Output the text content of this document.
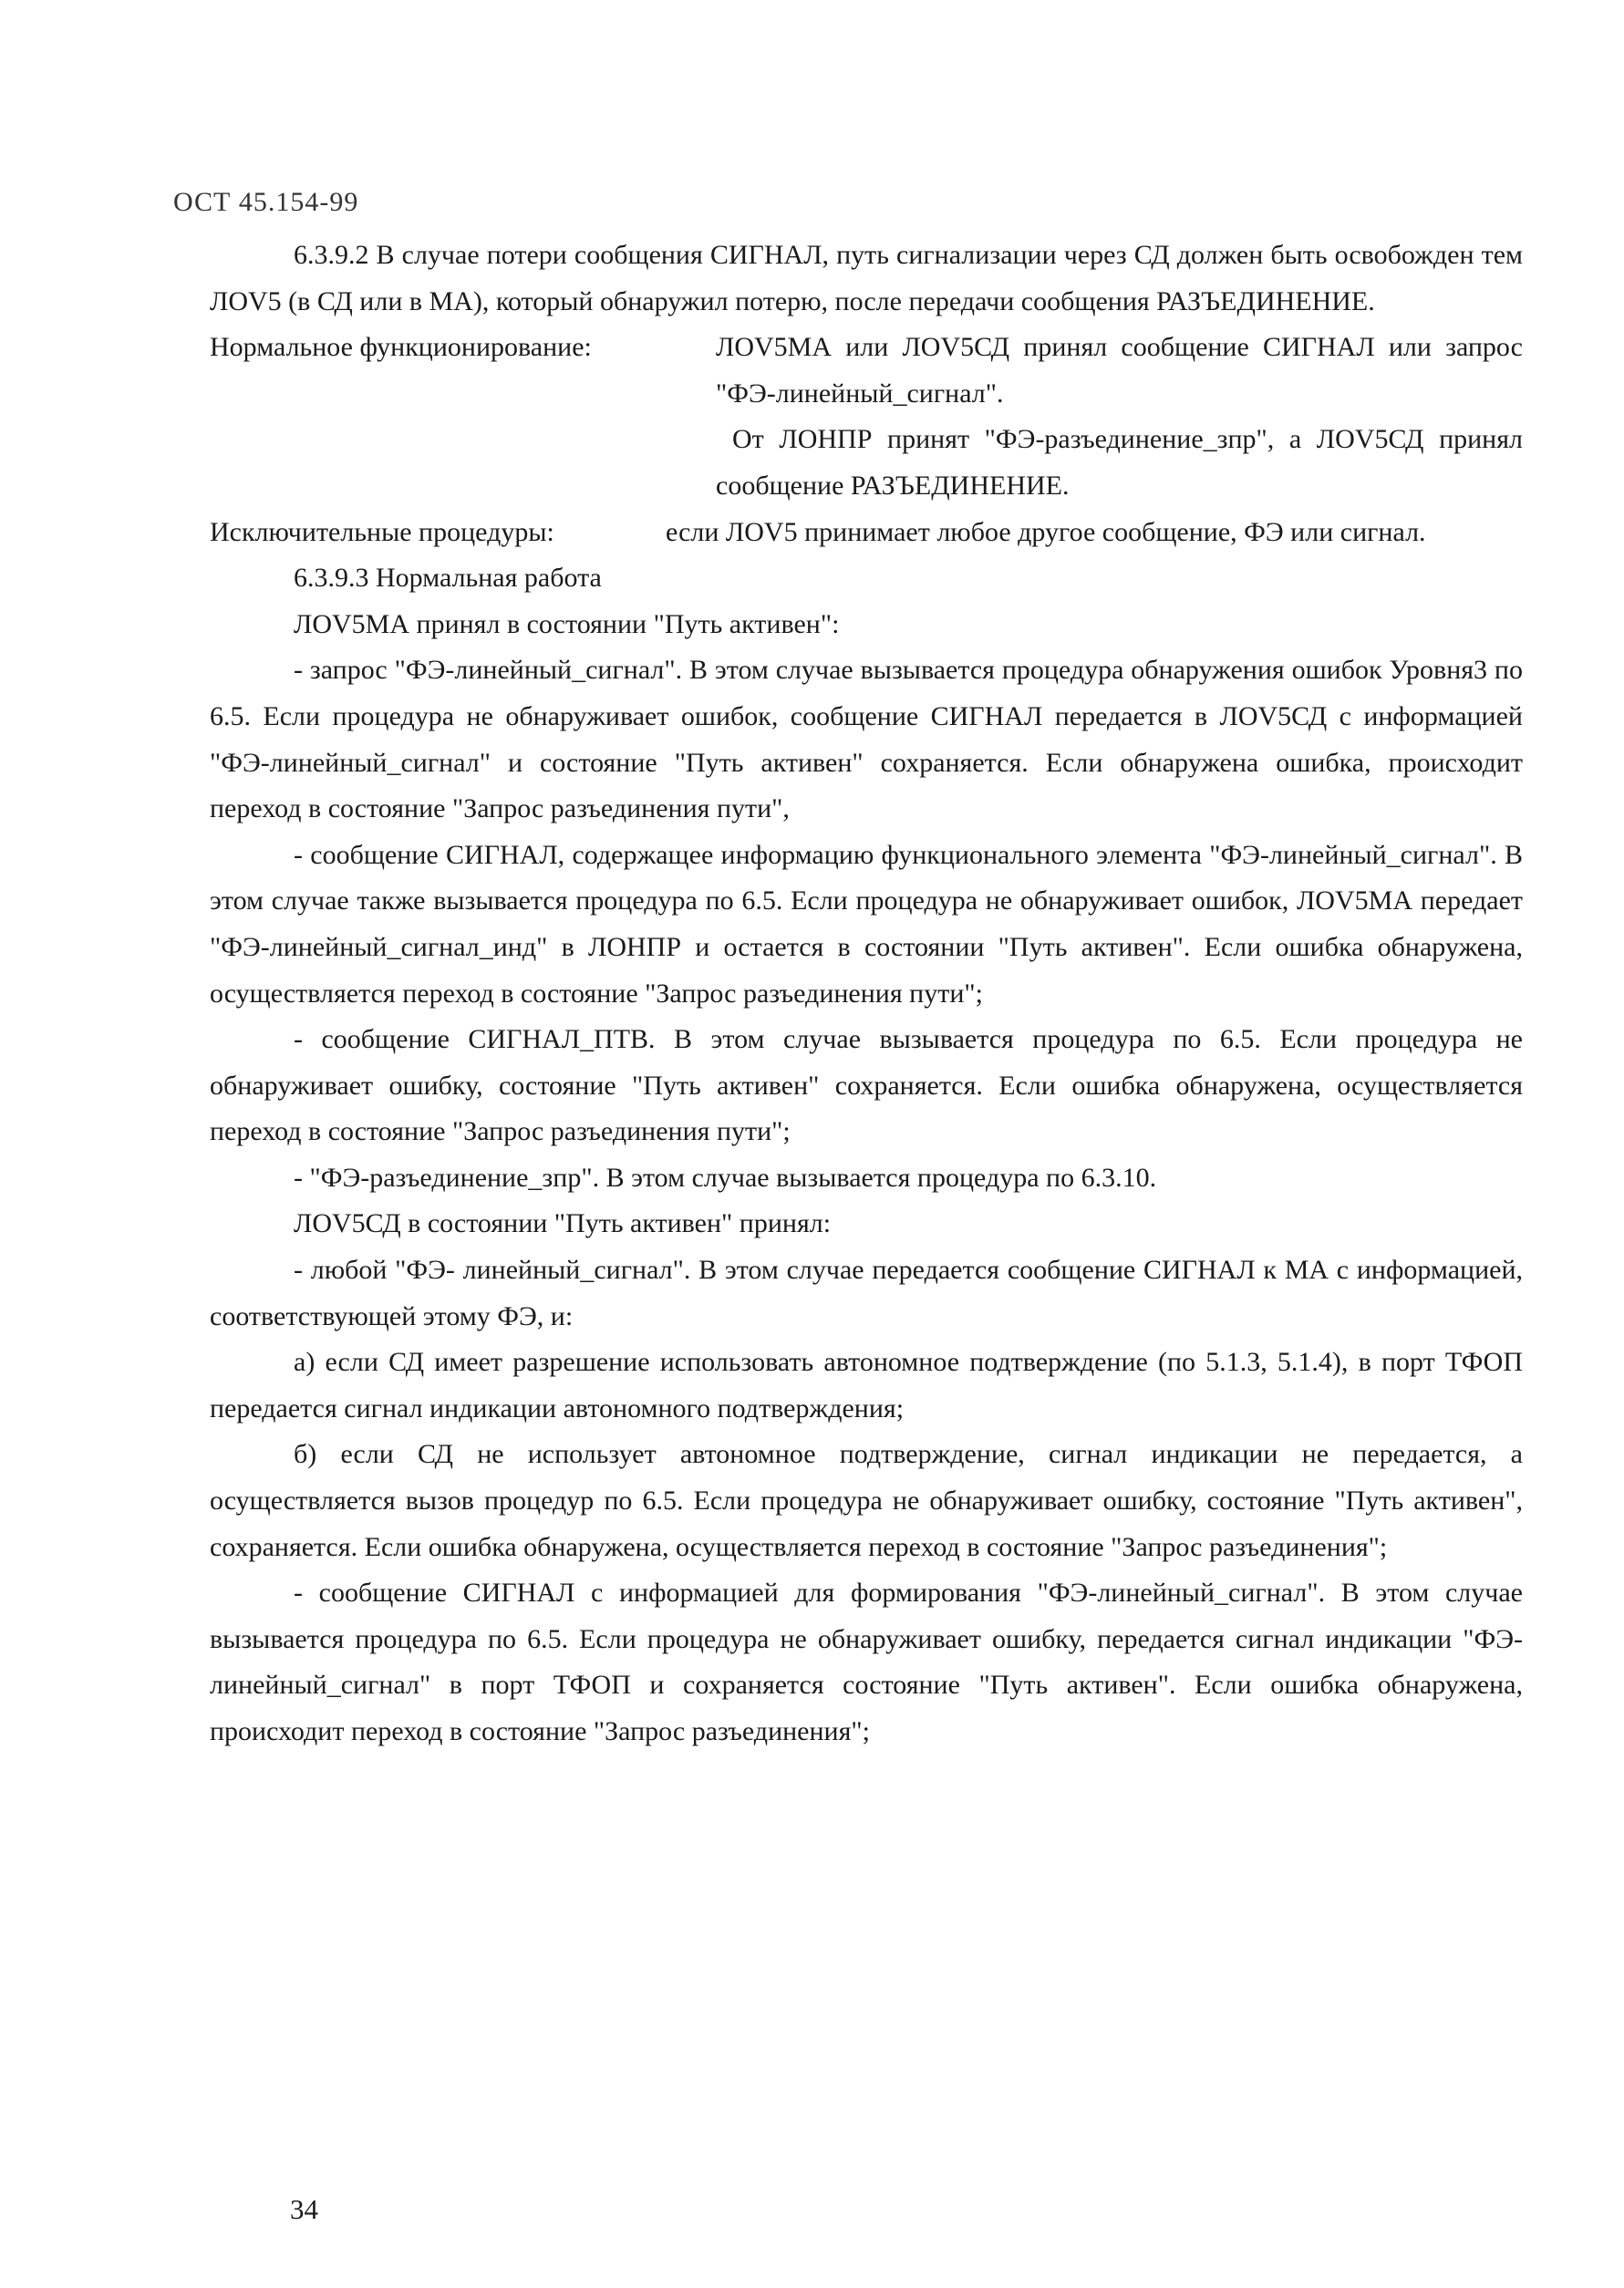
ОСТ 45.154-99

6.3.9.2 В случае потери сообщения СИГНАЛ, путь сигнализации через СД должен быть освобожден тем ЛОV5 (в СД или в МА), который обнаружил потерю, после передачи сообщения РАЗЪЕДИНЕНИЕ.

Нормальное функционирование:	ЛОV5МА или ЛОV5СД принял сообщение СИГНАЛ или запрос "ФЭ-линейный_сигнал".

От ЛОНПР принят "ФЭ-разъединение_зпр", а ЛОV5СД принял сообщение РАЗЪЕДИНЕНИЕ.

Исключительные процедуры:	если ЛОV5 принимает любое другое сообщение, ФЭ или сигнал.

6.3.9.3 Нормальная работа

ЛОV5МА принял в состоянии "Путь активен":

- запрос "ФЭ-линейный_сигнал". В этом случае вызывается процедура обнаружения ошибок Уровня3 по 6.5. Если процедура не обнаруживает ошибок, сообщение СИГНАЛ передается в ЛОV5СД с информацией "ФЭ-линейный_сигнал" и состояние "Путь активен" сохраняется. Если обнаружена ошибка, происходит переход в состояние "Запрос разъединения пути",

- сообщение СИГНАЛ, содержащее информацию функционального элемента "ФЭ-линейный_сигнал". В этом случае также вызывается процедура по 6.5. Если процедура не обнаруживает ошибок, ЛОV5МА передает "ФЭ-линейный_сигнал_инд" в ЛОНПР и остается в состоянии "Путь активен". Если ошибка обнаружена, осуществляется переход в состояние "Запрос разъединения пути";

- сообщение СИГНАЛ_ПТВ. В этом случае вызывается процедура по 6.5. Если процедура не обнаруживает ошибку, состояние "Путь активен" сохраняется. Если ошибка обнаружена, осуществляется переход в состояние "Запрос разъединения пути";

- "ФЭ-разъединение_зпр". В этом случае вызывается процедура по 6.3.10.

ЛОV5СД в состоянии "Путь активен" принял:

- любой "ФЭ- линейный_сигнал". В этом случае передается сообщение СИГНАЛ к МА с информацией, соответствующей этому ФЭ, и:

а) если СД имеет разрешение использовать автономное подтверждение (по 5.1.3, 5.1.4), в порт ТФОП передается сигнал индикации автономного подтверждения;

б) если СД не использует автономное подтверждение, сигнал индикации не передается, а осуществляется вызов процедур по 6.5. Если процедура не обнаруживает ошибку, состояние "Путь активен", сохраняется. Если ошибка обнаружена, осуществляется переход в состояние "Запрос разъединения";

- сообщение СИГНАЛ с информацией для формирования "ФЭ-линейный_сигнал". В этом случае вызывается процедура по 6.5. Если процедура не обнаруживает ошибку, передается сигнал индикации "ФЭ-линейный_сигнал" в порт ТФОП и сохраняется состояние "Путь активен". Если ошибка обнаружена, происходит переход в состояние "Запрос разъединения";

34
